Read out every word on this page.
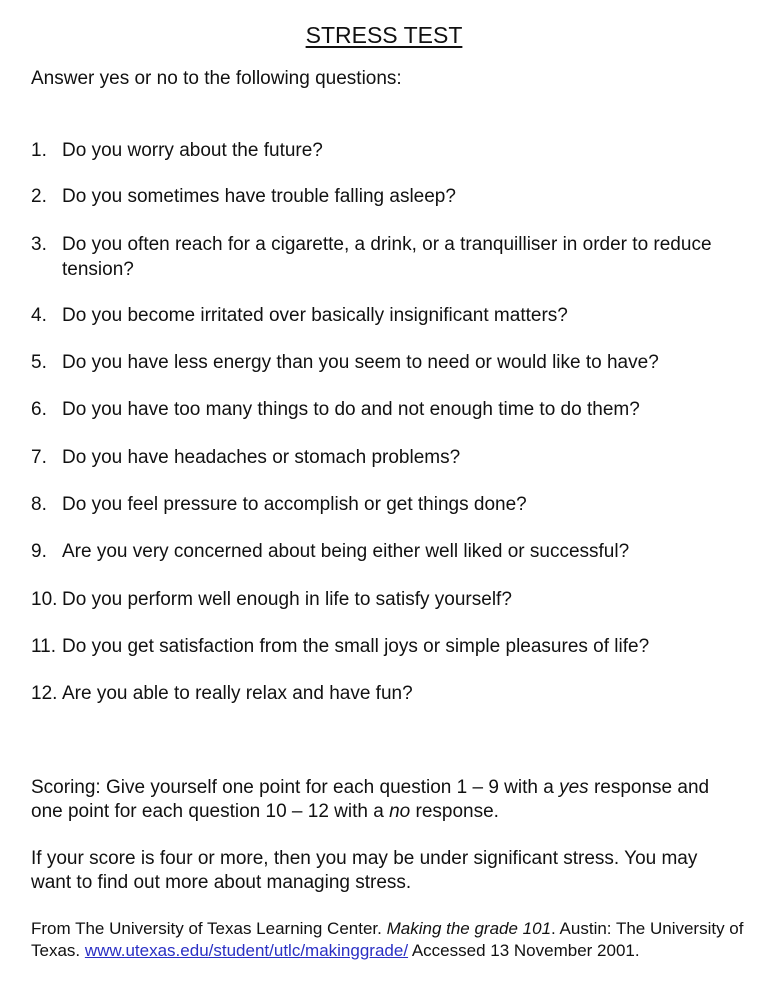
STRESS TEST
Answer yes or no to the following questions:
1. Do you worry about the future?
2. Do you sometimes have trouble falling asleep?
3. Do you often reach for a cigarette, a drink, or a tranquilliser in order to reduce tension?
4. Do you become irritated over basically insignificant matters?
5. Do you have less energy than you seem to need or would like to have?
6. Do you have too many things to do and not enough time to do them?
7. Do you have headaches or stomach problems?
8. Do you feel pressure to accomplish or get things done?
9. Are you very concerned about being either well liked or successful?
10. Do you perform well enough in life to satisfy yourself?
11. Do you get satisfaction from the small joys or simple pleasures of life?
12. Are you able to really relax and have fun?
Scoring: Give yourself one point for each question 1 – 9 with a yes response and one point for each question 10 – 12 with a no response.
If your score is four or more, then you may be under significant stress. You may want to find out more about managing stress.
From The University of Texas Learning Center. Making the grade 101. Austin: The University of Texas. www.utexas.edu/student/utlc/makinggrade/ Accessed 13 November 2001.
